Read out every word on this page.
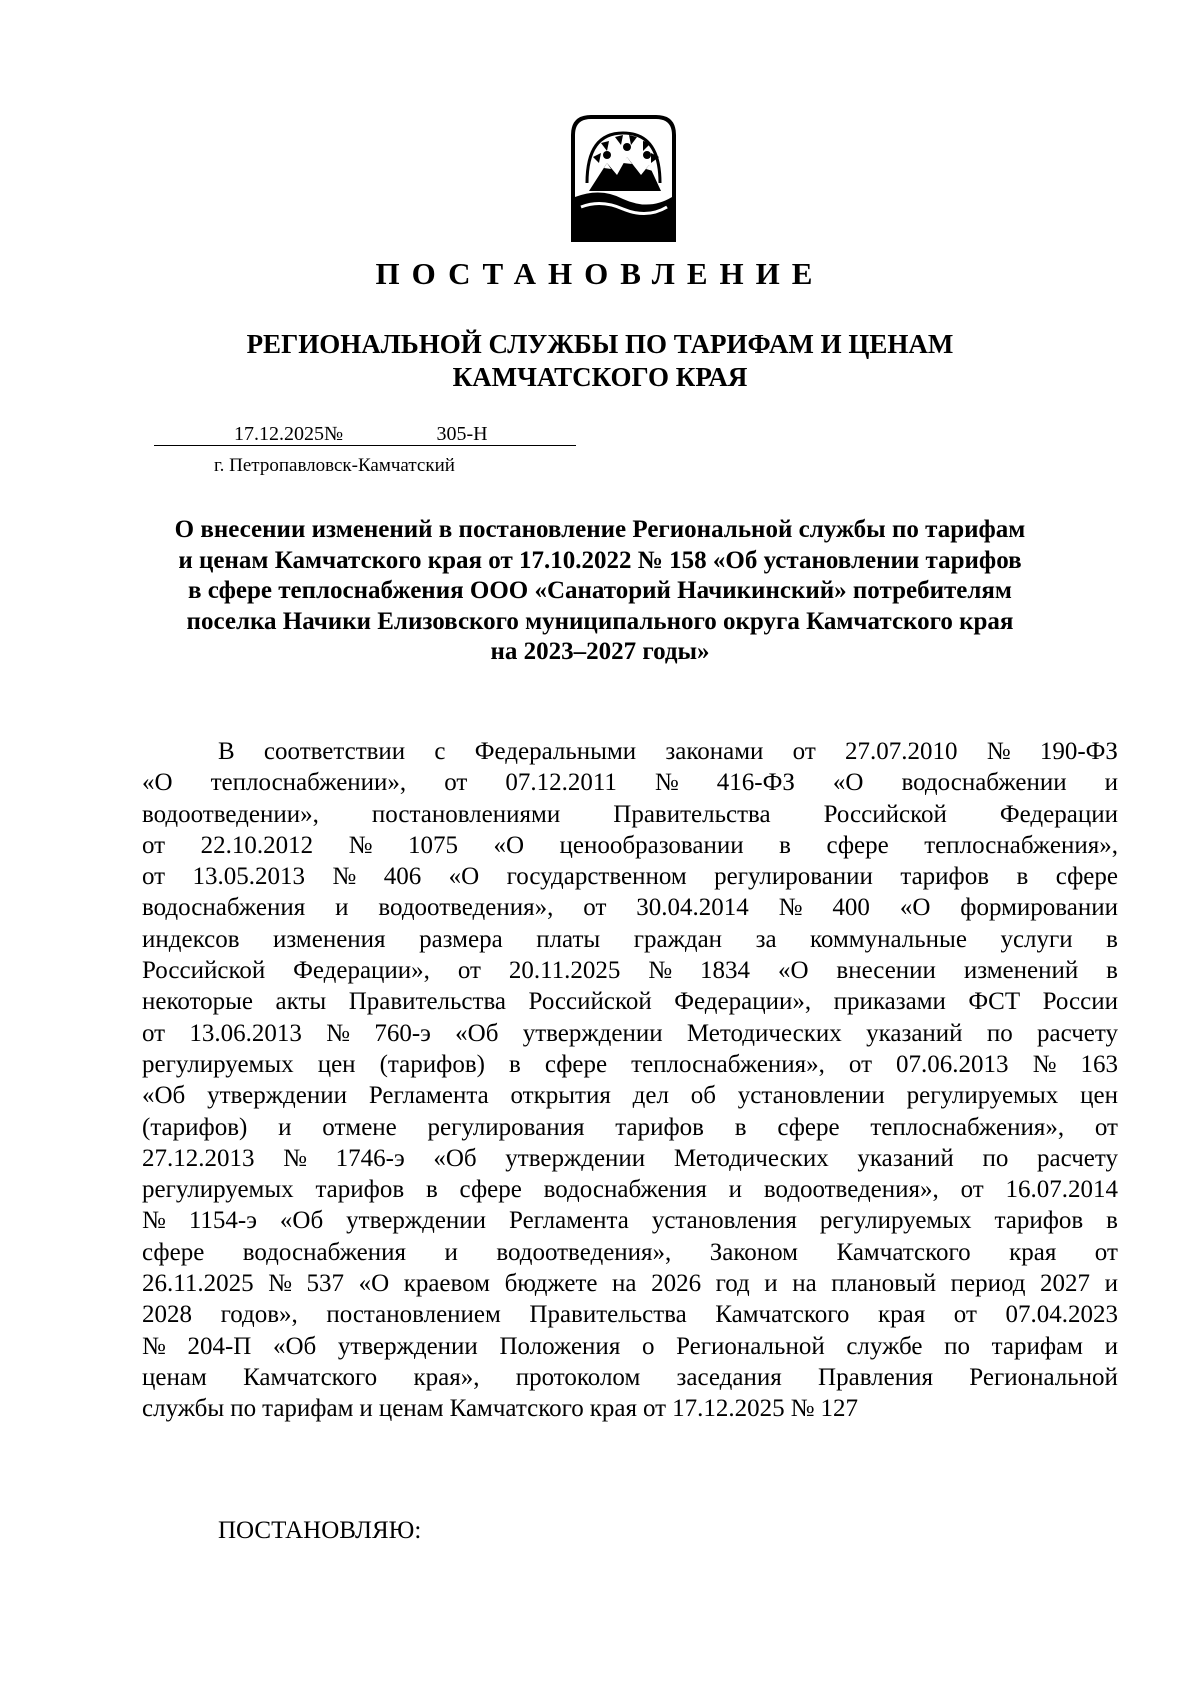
ПОСТАНОВЛЕНИЕ
РЕГИОНАЛЬНОЙ СЛУЖБЫ ПО ТАРИФАМ И ЦЕНАМ
КАМЧАТСКОГО КРАЯ
17.12.2025№	305-Н
г. Петропавловск-Камчатский
О внесении изменений в постановление Региональной службы по тарифам
и ценам Камчатского края от 17.10.2022 № 158 «Об установлении тарифов
в сфере теплоснабжения ООО «Санаторий Начикинский» потребителям
поселка Начики Елизовского муниципального округа Камчатского края
на 2023–2027 годы»
В соответствии с Федеральными законами от 27.07.2010 № 190-ФЗ
«О теплоснабжении», от 07.12.2011 № 416-ФЗ «О водоснабжении и
водоотведении», постановлениями Правительства Российской Федерации
от 22.10.2012 № 1075 «О ценообразовании в сфере теплоснабжения»,
от 13.05.2013 № 406 «О государственном регулировании тарифов в сфере
водоснабжения и водоотведения», от 30.04.2014 № 400 «О формировании
индексов изменения размера платы граждан за коммунальные услуги в
Российской Федерации», от 20.11.2025 № 1834 «О внесении изменений в
некоторые акты Правительства Российской Федерации», приказами ФСТ России
от 13.06.2013 № 760-э «Об утверждении Методических указаний по расчету
регулируемых цен (тарифов) в сфере теплоснабжения», от 07.06.2013 № 163
«Об утверждении Регламента открытия дел об установлении регулируемых цен
(тарифов) и отмене регулирования тарифов в сфере теплоснабжения», от
27.12.2013 № 1746-э «Об утверждении Методических указаний по расчету
регулируемых тарифов в сфере водоснабжения и водоотведения», от 16.07.2014
№ 1154-э «Об утверждении Регламента установления регулируемых тарифов в
сфере водоснабжения и водоотведения», Законом Камчатского края от
26.11.2025 № 537 «О краевом бюджете на 2026 год и на плановый период 2027 и
2028 годов», постановлением Правительства Камчатского края от 07.04.2023
№ 204-П «Об утверждении Положения о Региональной службе по тарифам и
ценам Камчатского края», протоколом заседания Правления Региональной
службы по тарифам и ценам Камчатского края от 17.12.2025 № 127
ПОСТАНОВЛЯЮ:
